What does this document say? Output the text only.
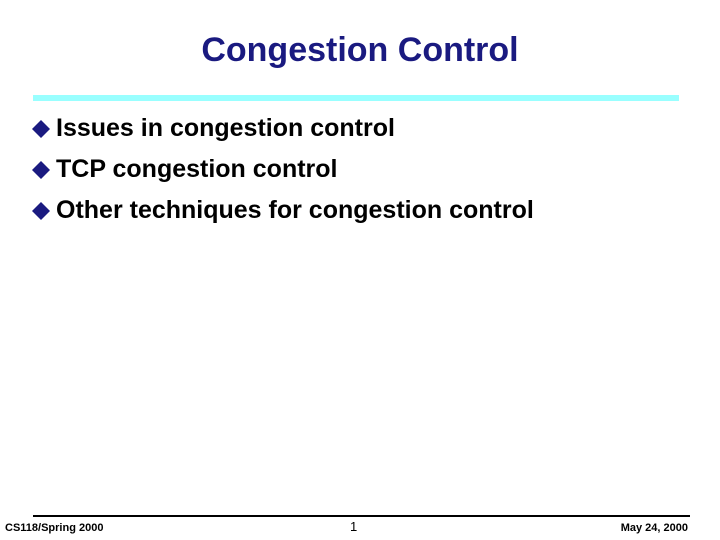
Congestion Control
Issues in congestion control
TCP congestion control
Other techniques for congestion control
CS118/Spring 2000	1	May 24, 2000
